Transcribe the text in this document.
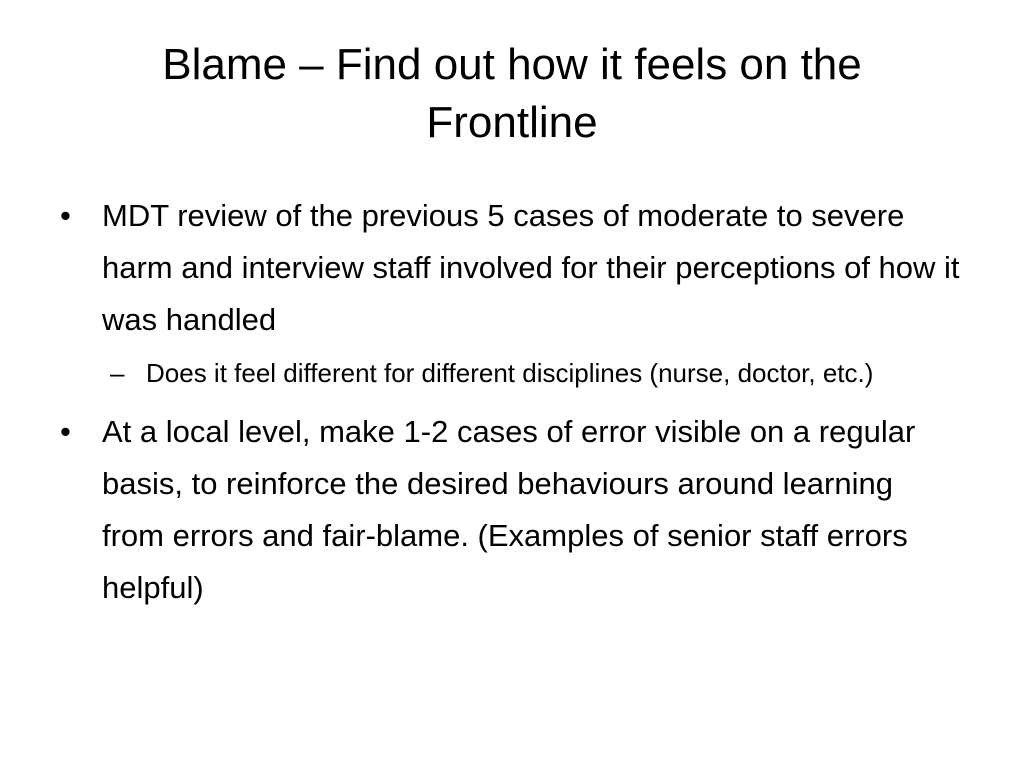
Blame – Find out how it feels on the
Frontline
•	MDT review of the previous 5 cases of moderate to severe harm and interview staff involved for their perceptions of how it was handled
– Does it feel different for different disciplines (nurse, doctor, etc.)
•	At a local level, make 1-2 cases of error visible on a regular basis, to reinforce the desired behaviours around learning from errors and fair-blame. (Examples of senior staff errors helpful)
